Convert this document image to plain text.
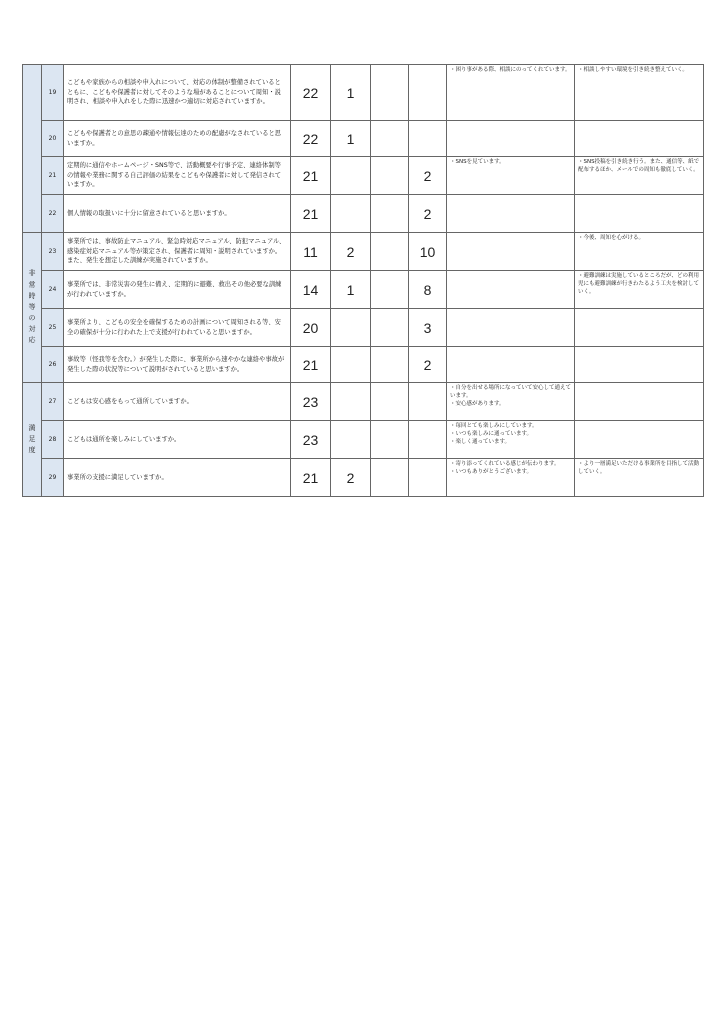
	19	こどもや家族からの相談や申入れについて、対応の体制が整備されているとともに、こどもや保護者に対してそのような場があることについて周知・説明され、相談や申入れをした際に迅速かつ適切に対応されていますか。	22	1			・困り事がある際、相談にのってくれています。	・相談しやすい環境を引き続き整えていく。
	20	こどもや保護者との意思の疎通や情報伝達のための配慮がなされていると思いますか。	22	1				
	21	定期的に通信やホームページ・SNS等で、活動概要や行事予定、連絡体制等の情報や業務に関する自己評価の結果をこどもや保護者に対して発信されていますか。	21			2	・SNSを見ています。	・SNS投稿を引き続き行う。また、通信等、紙で配布するほか、メールでの周知も徹底していく。
	22	個人情報の取扱いに十分に留意されていると思いますか。	21			2		
非常時等の対応	23	事業所では、事故防止マニュアル、緊急時対応マニュアル、防犯マニュアル、感染症対応マニュアル等が策定され、保護者に周知・説明されていますか。また、発生を想定した訓練が実施されていますか。	11	2		10		・今後、周知を心がける。
	24	事業所では、非常災害の発生に備え、定期的に避難、救出その他必要な訓練が行われていますか。	14	1		8		・避難訓練は実施しているところだが、どの利用児にも避難訓練が行きわたるよう工夫を検討していく。
	25	事業所より、こどもの安全を確保するための計画について周知される等、安全の確保が十分に行われた上で支援が行われていると思いますか。	20			3		
	26	事故等（怪我等を含む。）が発生した際に、事業所から速やかな連絡や事故が発生した際の状況等について説明がされていると思いますか。	21			2		
満足度	27	こどもは安心感をもって通所していますか。	23				・自分を出せる場所になっていて安心して通えています。
・安心感があります。	
	28	こどもは通所を楽しみにしていますか。	23				・毎回とても楽しみにしています。
・いつも楽しみに通っています。
・楽しく通っています。	
	29	事業所の支援に満足していますか。	21	2			・寄り添ってくれている感じが伝わります。
・いつもありがとうございます。	・より一層満足いただける事業所を目指して活動していく。
